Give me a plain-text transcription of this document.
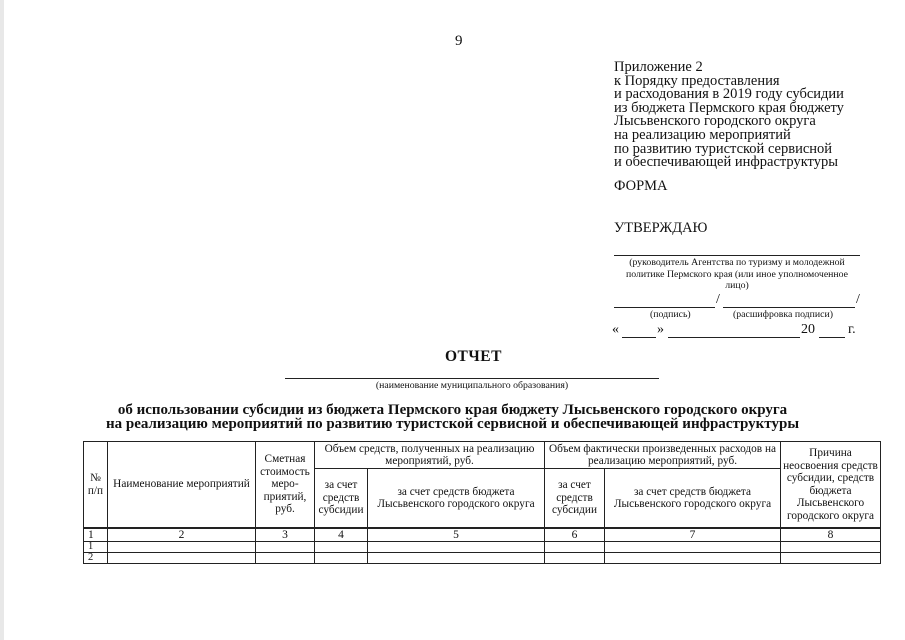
9
Приложение 2
к Порядку предоставления
и расходования в 2019 году субсидии
из бюджета Пермского края бюджету
Лысьвенского городского округа
на реализацию мероприятий
по развитию туристской сервисной
и обеспечивающей инфраструктуры
ФОРМА
УТВЕРЖДАЮ
(руководитель Агентства по туризму и молодежной политике Пермского края (или иное уполномоченное лицо)
/	/
(подпись)	(расшифровка подписи)
«	»	20 г.
ОТЧЕТ
(наименование муниципального образования)
об использовании субсидии из бюджета Пермского края бюджету Лысьвенского городского округа
на реализацию мероприятий по развитию туристской сервисной и обеспечивающей инфраструктуры
№ п/п	Наименование мероприятий	Сметная стоимость меро-приятий, руб.	Объем средств, полученных на реализацию мероприятий, руб.		Объем фактически произведенных расходов на реализацию мероприятий, руб.		Причина неосвоения средств субсидии, средств бюджета Лысьвенского городского округа
			за счет средств субсидии	за счет средств бюджета Лысьвенского городского округа	за счет средств субсидии	за счет средств бюджета Лысьвенского городского округа	
1	2	3	4	5	6	7	8
1							
2							
